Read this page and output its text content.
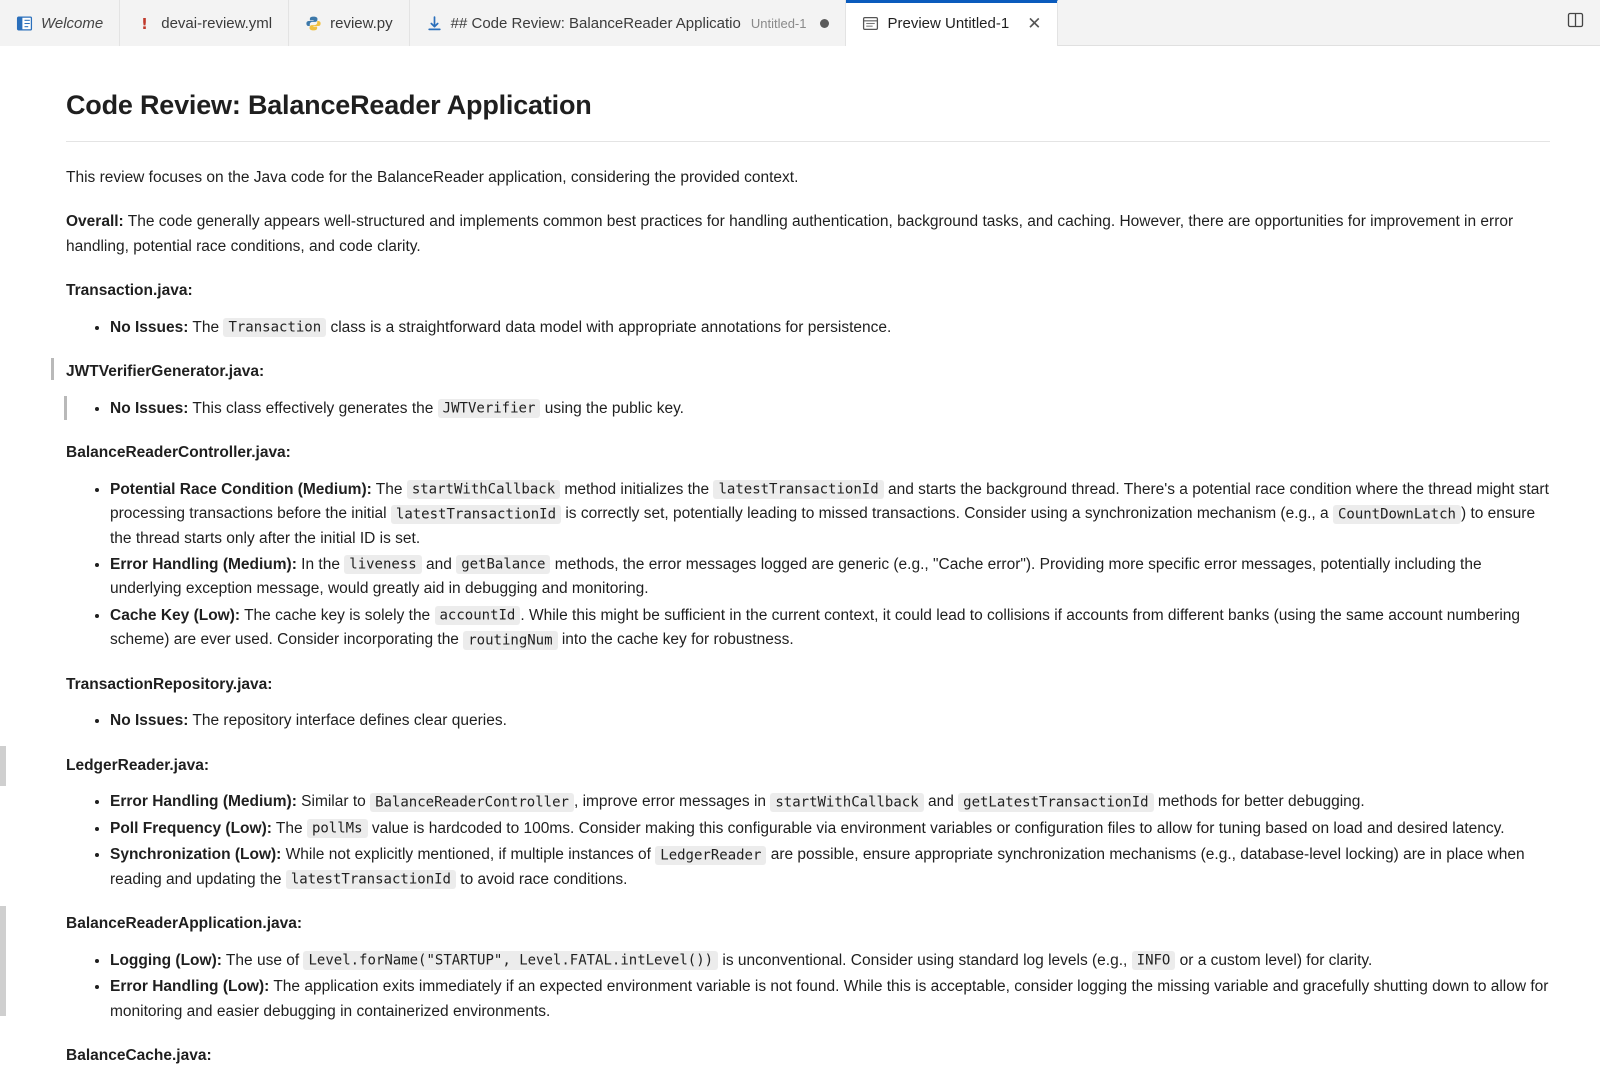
Welcome	! devai-review.yml	review.py	## Code Review: BalanceReader Applicatio Untitled-1	Preview Untitled-1 ✕
Code Review: BalanceReader Application

This review focuses on the Java code for the BalanceReader application, considering the provided context.

Overall: The code generally appears well-structured and implements common best practices for handling authentication, background tasks, and caching. However, there are opportunities for improvement in error handling, potential race conditions, and code clarity.

Transaction.java:

• No Issues: The Transaction class is a straightforward data model with appropriate annotations for persistence.

JWTVerifierGenerator.java:

• No Issues: This class effectively generates the JWTVerifier using the public key.

BalanceReaderController.java:

• Potential Race Condition (Medium): The startWithCallback method initializes the latestTransactionId and starts the background thread. There's a potential race condition where the thread might start processing transactions before the initial latestTransactionId is correctly set, potentially leading to missed transactions. Consider using a synchronization mechanism (e.g., a CountDownLatch ) to ensure the thread starts only after the initial ID is set.
• Error Handling (Medium): In the liveness and getBalance methods, the error messages logged are generic (e.g., "Cache error"). Providing more specific error messages, potentially including the underlying exception message, would greatly aid in debugging and monitoring.
• Cache Key (Low): The cache key is solely the accountId . While this might be sufficient in the current context, it could lead to collisions if accounts from different banks (using the same account numbering scheme) are ever used. Consider incorporating the routingNum into the cache key for robustness.

TransactionRepository.java:

• No Issues: The repository interface defines clear queries.

LedgerReader.java:

• Error Handling (Medium): Similar to BalanceReaderController , improve error messages in startWithCallback and getLatestTransactionId methods for better debugging.
• Poll Frequency (Low): The pollMs value is hardcoded to 100ms. Consider making this configurable via environment variables or configuration files to allow for tuning based on load and desired latency.
• Synchronization (Low): While not explicitly mentioned, if multiple instances of LedgerReader are possible, ensure appropriate synchronization mechanisms (e.g., database-level locking) are in place when reading and updating the latestTransactionId to avoid race conditions.

BalanceReaderApplication.java:

• Logging (Low): The use of Level.forName("STARTUP", Level.FATAL.intLevel()) is unconventional. Consider using standard log levels (e.g., INFO or a custom level) for clarity.
• Error Handling (Low): The application exits immediately if an expected environment variable is not found. While this is acceptable, consider logging the missing variable and gracefully shutting down to allow for monitoring and easier debugging in containerized environments.

BalanceCache.java:
